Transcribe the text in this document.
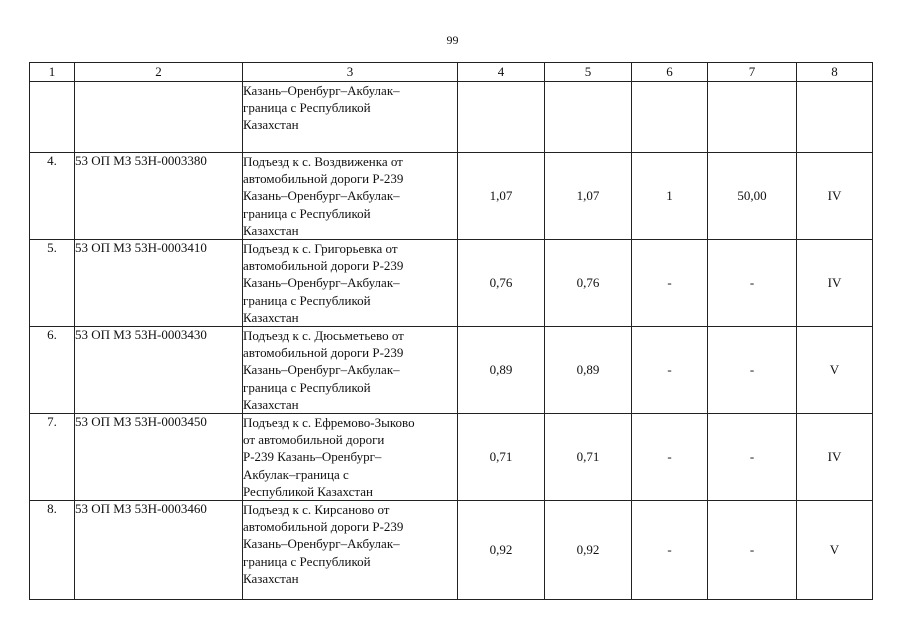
99
1	2	3	4	5	6	7	8

		Казань–Оренбург–Акбулак–
граница с Республикой
Казахстан					

4.	53 ОП МЗ 53Н-0003380	Подъезд к с. Воздвиженка от
автомобильной дороги Р-239
Казань–Оренбург–Акбулак–
граница с Республикой
Казахстан	1,07	1,07	1	50,00	IV
5.	53 ОП МЗ 53Н-0003410	Подъезд к с. Григорьевка от
автомобильной дороги Р-239
Казань–Оренбург–Акбулак–
граница с Республикой
Казахстан	0,76	0,76	-	-	IV
6.	53 ОП МЗ 53Н-0003430	Подъезд к с. Дюсьметьево от
автомобильной дороги Р-239
Казань–Оренбург–Акбулак–
граница с Республикой
Казахстан	0,89	0,89	-	-	V
7.	53 ОП МЗ 53Н-0003450	Подъезд к с. Ефремово-Зыково
от автомобильной дороги
Р-239 Казань–Оренбург–
Акбулак–граница с
Республикой Казахстан	0,71	0,71	-	-	IV
8.	53 ОП МЗ 53Н-0003460	Подъезд к с. Кирсаново от
автомобильной дороги Р-239
Казань–Оренбург–Акбулак–
граница с Республикой
Казахстан	0,92	0,92	-	-	V
